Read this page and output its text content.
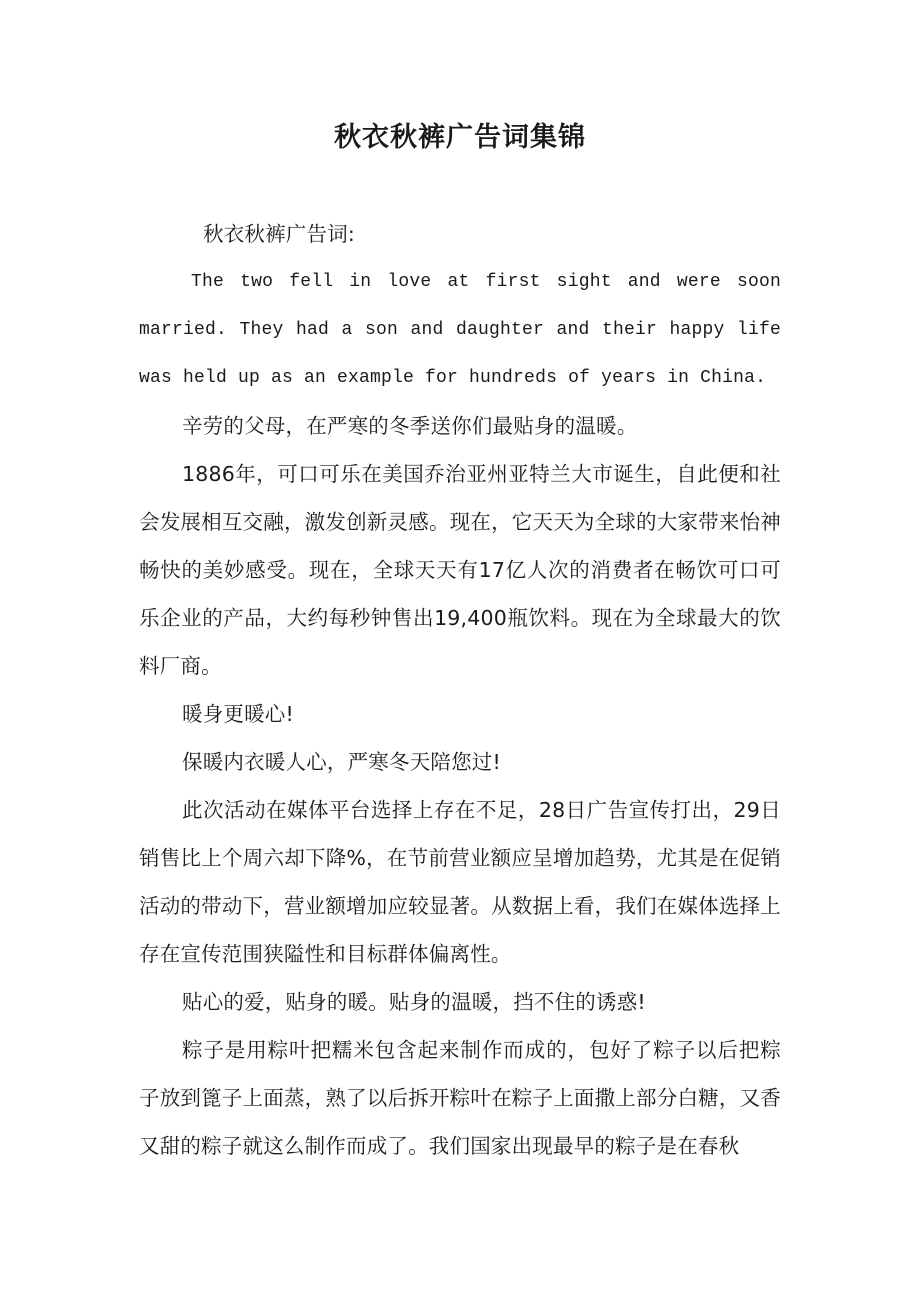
秋衣秋裤广告词集锦

秋衣秋裤广告词:

The two fell in love at first sight and were soon married. They had a son and daughter and their happy life was held up as an example for hundreds of years in China.

辛劳的父母，在严寒的冬季送你们最贴身的温暖。

1886年，可口可乐在美国乔治亚州亚特兰大市诞生，自此便和社会发展相互交融，激发创新灵感。现在，它天天为全球的大家带来怡神畅快的美妙感受。现在，全球天天有17亿人次的消费者在畅饮可口可乐企业的产品，大约每秒钟售出19,400瓶饮料。现在为全球最大的饮料厂商。

暖身更暖心!

保暖内衣暖人心，严寒冬天陪您过!

此次活动在媒体平台选择上存在不足，28日广告宣传打出，29日销售比上个周六却下降%，在节前营业额应呈增加趋势，尤其是在促销活动的带动下，营业额增加应较显著。从数据上看，我们在媒体选择上存在宣传范围狭隘性和目标群体偏离性。

贴心的爱，贴身的暖。贴身的温暖，挡不住的诱惑!

粽子是用粽叶把糯米包含起来制作而成的，包好了粽子以后把粽子放到篦子上面蒸，熟了以后拆开粽叶在粽子上面撒上部分白糖，又香又甜的粽子就这么制作而成了。我们国家出现最早的粽子是在春秋
